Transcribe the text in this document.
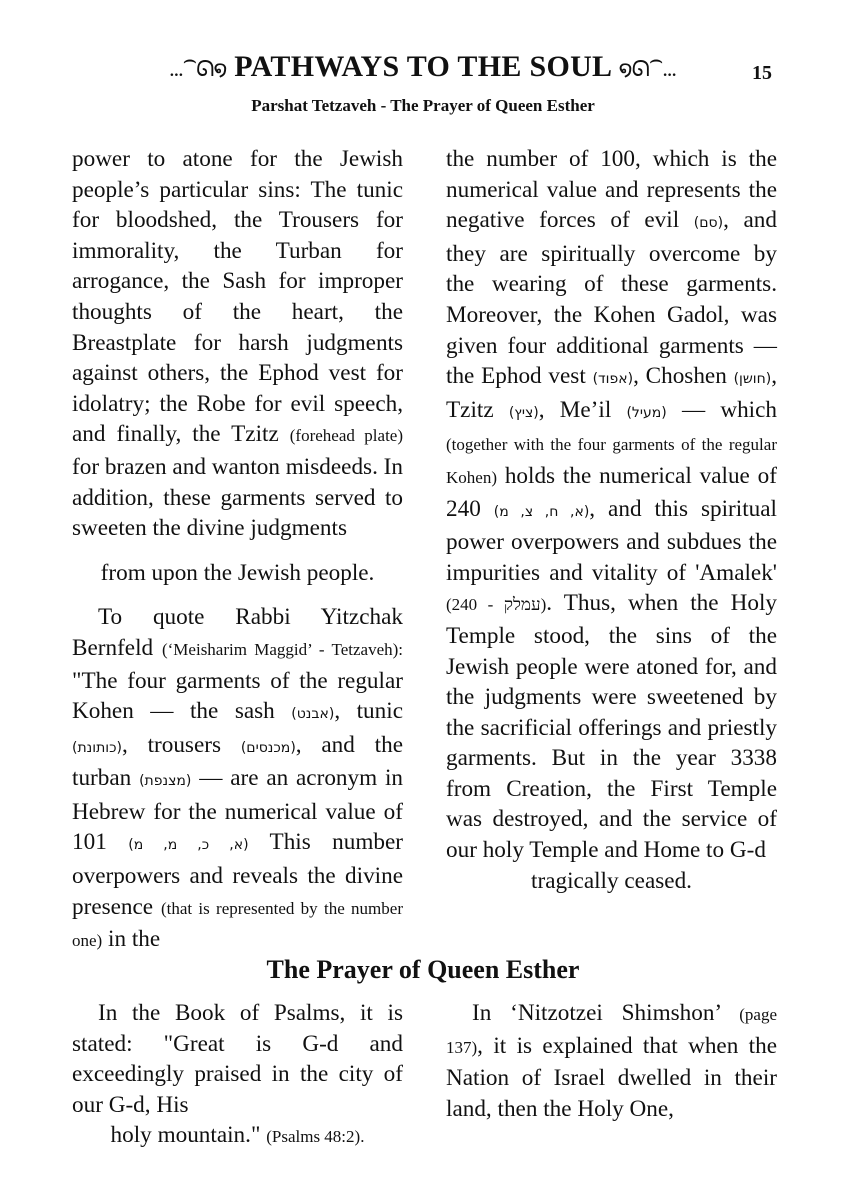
...⁀ᘏ໑ PATHWAYS TO THE SOUL ໑ᘏ⁀...	15
Parshat Tetzaveh - The Prayer of Queen Esther

power to atone for the Jewish people’s particular sins: The tunic for bloodshed, the Trousers for immorality, the Turban for arrogance, the Sash for improper thoughts of the heart, the Breastplate for harsh judgments against others, the Ephod vest for idolatry; the Robe for evil speech, and finally, the Tzitz (forehead plate) for brazen and wanton misdeeds. In addition, these garments served to sweeten the divine judgments

from upon the Jewish people.

To quote Rabbi Yitzchak Bernfeld (‘Meisharim Maggid’ - Tetzaveh): "The four garments of the regular Kohen — the sash (אבנט), tunic (כותונת), trousers (מכנסים), and the turban (מצנפת) — are an acronym in Hebrew for the numerical value of 101 (א, כ, מ, מ) This number overpowers and reveals the divine presence (that is represented by the number one) in the

the number of 100, which is the numerical value and represents the negative forces of evil (סם), and they are spiritually overcome by the wearing of these garments. Moreover, the Kohen Gadol, was given four additional garments — the Ephod vest (אפוד), Choshen (חושן), Tzitz (ציץ), Me’il (מעיל) — which (together with the four garments of the regular Kohen) holds the numerical value of 240 (א, ח, צ, מ), and this spiritual power overpowers and subdues the impurities and vitality of 'Amalek' (עמלק - 240). Thus, when the Holy Temple stood, the sins of the Jewish people were atoned for, and the judgments were sweetened by the sacrificial offerings and priestly garments. But in the year 3338 from Creation, the First Temple was destroyed, and the service of our holy Temple and Home to G-d

tragically ceased.

The Prayer of Queen Esther

In the Book of Psalms, it is stated: "Great is G-d and exceedingly praised in the city of our G-d, His

holy mountain." (Psalms 48:2).

In ‘Nitzotzei Shimshon’ (page 137), it is explained that when the Nation of Israel dwelled in their land, then the Holy One,
